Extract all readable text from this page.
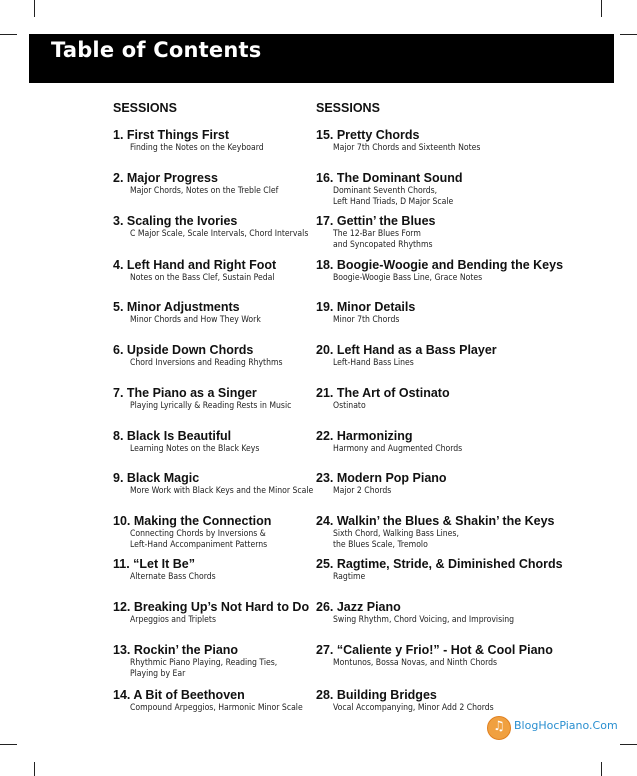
Table of Contents
SESSIONS	SESSIONS
1. First Things First
Finding the Notes on the Keyboard
2. Major Progress
Major Chords, Notes on the Treble Clef
3. Scaling the Ivories
C Major Scale, Scale Intervals, Chord Intervals
4. Left Hand and Right Foot
Notes on the Bass Clef, Sustain Pedal
5. Minor Adjustments
Minor Chords and How They Work
6. Upside Down Chords
Chord Inversions and Reading Rhythms
7. The Piano as a Singer
Playing Lyrically & Reading Rests in Music
8. Black Is Beautiful
Learning Notes on the Black Keys
9. Black Magic
More Work with Black Keys and the Minor Scale
10. Making the Connection
Connecting Chords by Inversions &
Left-Hand Accompaniment Patterns
11. “Let It Be”
Alternate Bass Chords
12. Breaking Up’s Not Hard to Do
Arpeggios and Triplets
13. Rockin’ the Piano
Rhythmic Piano Playing, Reading Ties,
Playing by Ear
14. A Bit of Beethoven
Compound Arpeggios, Harmonic Minor Scale
15. Pretty Chords
Major 7th Chords and Sixteenth Notes
16. The Dominant Sound
Dominant Seventh Chords,
Left Hand Triads, D Major Scale
17. Gettin’ the Blues
The 12-Bar Blues Form
and Syncopated Rhythms
18. Boogie-Woogie and Bending the Keys
Boogie-Woogie Bass Line, Grace Notes
19. Minor Details
Minor 7th Chords
20. Left Hand as a Bass Player
Left-Hand Bass Lines
21. The Art of Ostinato
Ostinato
22. Harmonizing
Harmony and Augmented Chords
23. Modern Pop Piano
Major 2 Chords
24. Walkin’ the Blues & Shakin’ the Keys
Sixth Chord, Walking Bass Lines,
the Blues Scale, Tremolo
25. Ragtime, Stride, & Diminished Chords
Ragtime
26. Jazz Piano
Swing Rhythm, Chord Voicing, and Improvising
27. “Caliente y Frio!” - Hot & Cool Piano
Montunos, Bossa Novas, and Ninth Chords
28. Building Bridges
Vocal Accompanying, Minor Add 2 Chords
♫
BlogHocPiano.Com
